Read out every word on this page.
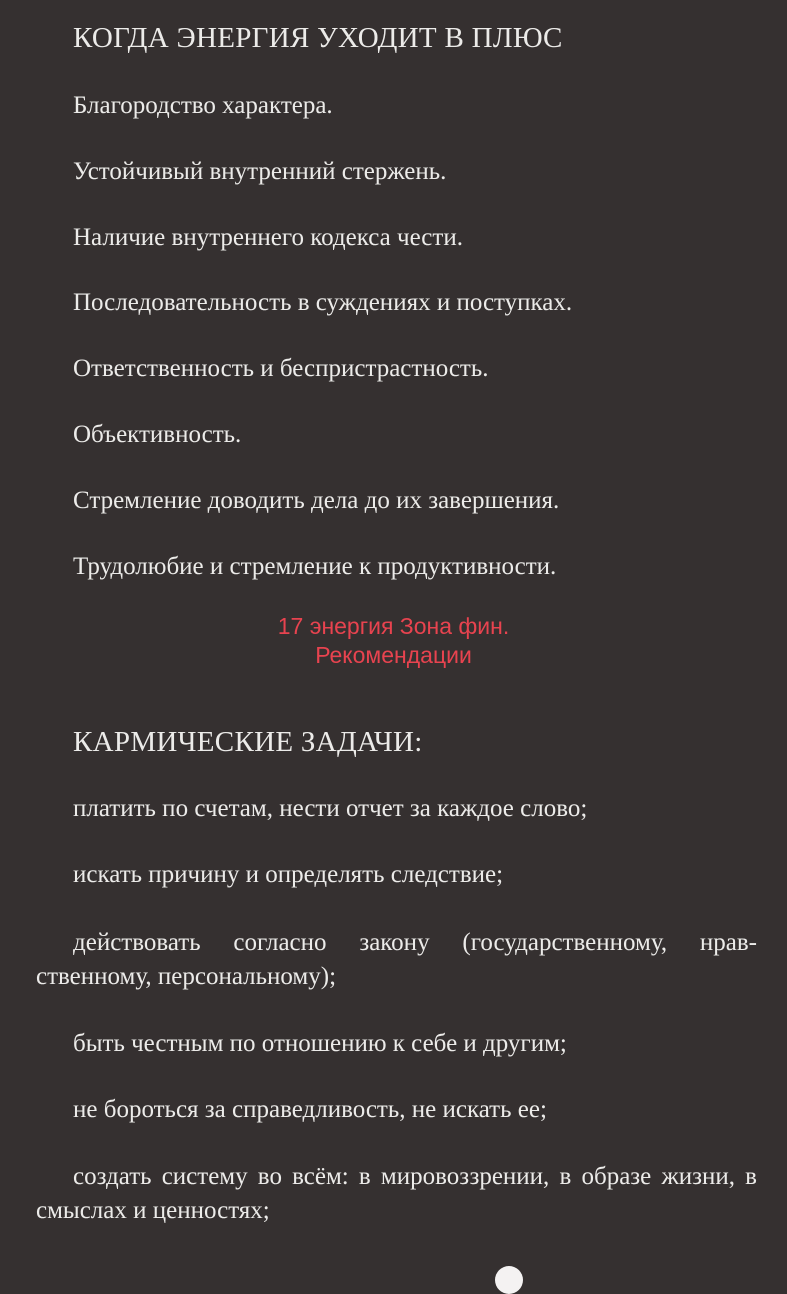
КОГДА ЭНЕРГИЯ УХОДИТ В ПЛЮС

Благородство характера.

Устойчивый внутренний стержень.

Наличие внутреннего кодекса чести.

Последовательность в суждениях и поступках.

Ответственность и беспристрастность.

Объективность.

Стремление доводить дела до их завершения.

Трудолюбие и стремление к продуктивности.

17 энергия Зона фин.
Рекомендации
КАРМИЧЕСКИЕ ЗАДАЧИ:

платить по счетам, нести отчет за каждое слово;

искать причину и определять следствие;

действовать согласно закону (государственному, нравственному, персональному);

быть честным по отношению к себе и другим;

не бороться за справедливость, не искать ее;

создать систему во всём: в мировоззрении, в образе жизни, в смыслах и ценностях;
